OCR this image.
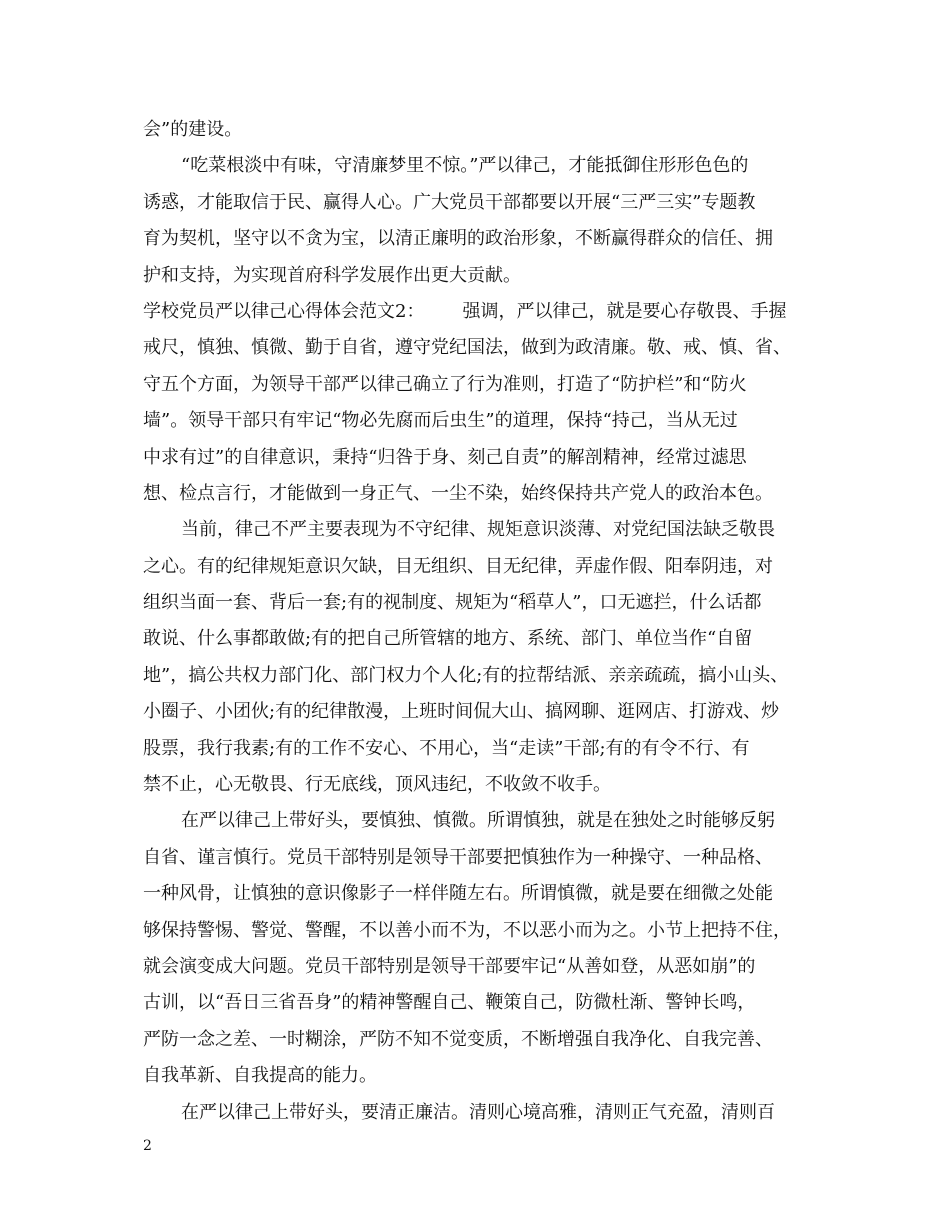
会”的建设。

“吃菜根淡中有味，守清廉梦里不惊。”严以律己，才能抵御住形形色色的

诱惑，才能取信于民、赢得人心。广大党员干部都要以开展“三严三实”专题教

育为契机，坚守以不贪为宝，以清正廉明的政治形象，不断赢得群众的信任、拥

护和支持，为实现首府科学发展作出更大贡献。

学校党员严以律己心得体会范文2： 强调，严以律己，就是要心存敬畏、手握

戒尺，慎独、慎微、勤于自省，遵守党纪国法，做到为政清廉。敬、戒、慎、省、

守五个方面，为领导干部严以律己确立了行为准则，打造了“防护栏”和“防火

墙”。领导干部只有牢记“物必先腐而后虫生”的道理，保持“持己，当从无过

中求有过”的自律意识，秉持“归咎于身、刻己自责”的解剖精神，经常过滤思

想、检点言行，才能做到一身正气、一尘不染，始终保持共产党人的政治本色。

当前，律己不严主要表现为不守纪律、规矩意识淡薄、对党纪国法缺乏敬畏

之心。有的纪律规矩意识欠缺，目无组织、目无纪律，弄虚作假、阳奉阴违，对

组织当面一套、背后一套;有的视制度、规矩为“稻草人”，口无遮拦，什么话都

敢说、什么事都敢做;有的把自己所管辖的地方、系统、部门、单位当作“自留

地”，搞公共权力部门化、部门权力个人化;有的拉帮结派、亲亲疏疏，搞小山头、

小圈子、小团伙;有的纪律散漫，上班时间侃大山、搞网聊、逛网店、打游戏、炒

股票，我行我素;有的工作不安心、不用心，当“走读”干部;有的有令不行、有

禁不止，心无敬畏、行无底线，顶风违纪，不收敛不收手。

在严以律己上带好头，要慎独、慎微。所谓慎独，就是在独处之时能够反躬

自省、谨言慎行。党员干部特别是领导干部要把慎独作为一种操守、一种品格、

一种风骨，让慎独的意识像影子一样伴随左右。所谓慎微，就是要在细微之处能

够保持警惕、警觉、警醒，不以善小而不为，不以恶小而为之。小节上把持不住，

就会演变成大问题。党员干部特别是领导干部要牢记“从善如登，从恶如崩”的

古训，以“吾日三省吾身”的精神警醒自己、鞭策自己，防微杜渐、警钟长鸣，

严防一念之差、一时糊涂，严防不知不觉变质，不断增强自我净化、自我完善、

自我革新、自我提高的能力。

在严以律己上带好头，要清正廉洁。清则心境高雅，清则正气充盈，清则百

2
